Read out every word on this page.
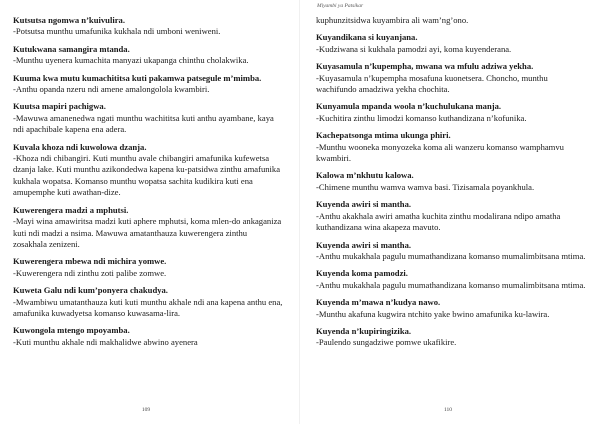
Kutsutsa ngomwa n’kuivulira.
-Potsutsa munthu umafunika kukhala ndi umboni weniweni.
Kutukwana samangira mtanda.
-Munthu uyenera kumachita manyazi ukapanga chinthu cholakwika.
Kuuma kwa mutu kumachititsa kuti pakamwa patsegule m’mimba.
-Anthu opanda nzeru ndi amene amalongolola kwambiri.
Kuutsa mapiri pachigwa.
-Mawuwa amanenedwa ngati munthu wachititsa kuti anthu ayambane, kaya ndi apachibale kapena ena adera.
Kuvala khoza ndi kuwolowa dzanja.
-Khoza ndi chibangiri. Kuti munthu avale chibangiri amafunika kufewetsa dzanja lake. Kuti munthu azikondedwa kapena ku-patsidwa zinthu amafunika kukhala wopatsa. Komanso munthu wopatsa sachita kudikira kuti ena amupemphe kuti awathan-dize.
Kuwerengera madzi a mphutsi.
-Mayi wina amawiritsa madzi kuti aphere mphutsi, koma mlen-do ankaganiza kuti ndi madzi a nsima. Mawuwa amatanthauza kuwerengera zinthu zosakhala zenizeni.
Kuwerengera mbewa ndi michira yomwe.
-Kuwerengera ndi zinthu zoti palibe zomwe.
Kuweta Galu ndi kum’ponyera chakudya.
-Mwambiwu umatanthauza kuti kuti munthu akhale ndi ana kapena anthu ena, amafunika kuwadyetsa komanso kuwasama-lira.
Kuwongola mtengo mpoyamba.
-Kuti munthu akhale ndi makhalidwe abwino ayenera
109
Miyambi ya Patsikar
kuphunzitsidwa kuyambira ali wam’ng’ono.
Kuyandikana si kuyanjana.
-Kudziwana si kukhala pamodzi ayi, koma kuyenderana.
Kuyasamula n’kupempha, mwana wa mfulu adziwa yekha.
-Kuyasamula n’kupempha mosafuna kuonetsera. Choncho, munthu wachifundo amadziwa yekha chochita.
Kunyamula mpanda woola n’kuchulukana manja.
-Kuchitira zinthu limodzi komanso kuthandizana n’kofunika.
Kachepatsonga mtima ukunga phiri.
-Munthu wooneka monyozeka koma ali wanzeru komanso wamphamvu kwambiri.
Kalowa m’nkhutu kalowa.
-Chimene munthu wamva wamva basi. Tizisamala poyankhula.
Kuyenda awiri si mantha.
-Anthu akakhala awiri amatha kuchita zinthu modalirana ndipo amatha kuthandizana wina akapeza mavuto.
Kuyenda awiri si mantha.
-Anthu mukakhala pagulu mumathandizana komanso mumalimbitsana mtima.
Kuyenda koma pamodzi.
-Anthu mukakhala pagulu mumathandizana komanso mumalimbitsana mtima.
Kuyenda m’mawa n’kudya nawo.
-Munthu akafuna kugwira ntchito yake bwino amafunika ku-lawira.
Kuyenda n’kupiringizika.
-Paulendo sungadziwe pomwe ukafikire.
110
